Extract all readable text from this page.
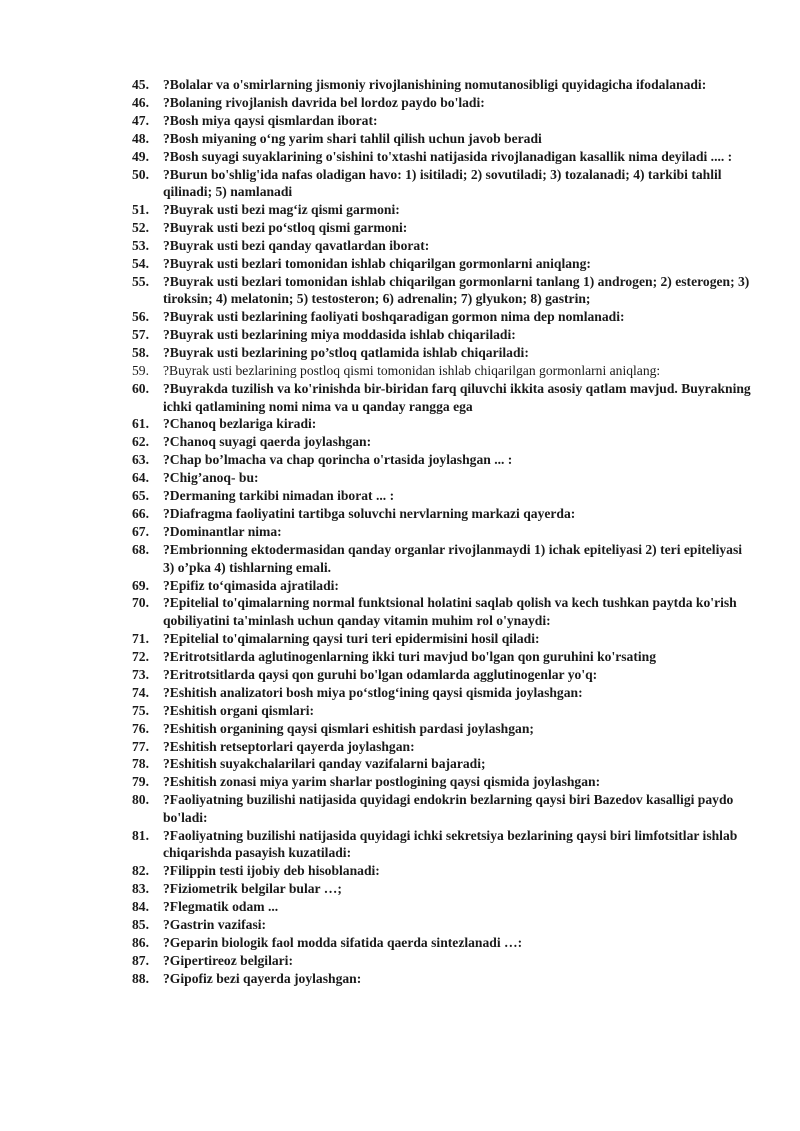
45.	?Bolalar va o'smirlarning jismoniy rivojlanishining nomutanosibligi quyidagicha ifodalanadi:
46.	?Bolaning rivojlanish davrida bel lordoz paydo bo'ladi:
47.	?Bosh miya qaysi qismlardan iborat:
48.	?Bosh miyaning o‘ng yarim shari tahlil qilish uchun javob beradi
49.	?Bosh suyagi suyaklarining o'sishini to'xtashi natijasida rivojlanadigan kasallik nima deyiladi .... :
50.	?Burun bo'shlig'ida nafas oladigan havo: 1) isitiladi; 2) sovutiladi; 3) tozalanadi; 4) tarkibi tahlil qilinadi; 5) namlanadi
51.	?Buyrak usti bezi mag‘iz qismi garmoni:
52.	?Buyrak usti bezi po‘stloq qismi garmoni:
53.	?Buyrak usti bezi qanday qavatlardan iborat:
54.	?Buyrak usti bezlari tomonidan ishlab chiqarilgan gormonlarni aniqlang:
55.	?Buyrak usti bezlari tomonidan ishlab chiqarilgan gormonlarni tanlang 1) androgen; 2) esterogen; 3) tiroksin; 4) melatonin; 5) testosteron; 6) adrenalin; 7) glyukon; 8) gastrin;
56.	?Buyrak usti bezlarining faoliyati boshqaradigan gormon nima dep nomlanadi:
57.	?Buyrak usti bezlarining miya moddasida ishlab chiqariladi:
58.	?Buyrak usti bezlarining po’stloq qatlamida ishlab chiqariladi:
59.	?Buyrak usti bezlarining postloq qismi tomonidan ishlab chiqarilgan gormonlarni aniqlang:
60.	?Buyrakda tuzilish va ko'rinishda bir-biridan farq qiluvchi ikkita asosiy qatlam mavjud. Buyrakning ichki qatlamining nomi nima va u qanday rangga ega
61.	?Chanoq bezlariga kiradi:
62.	?Chanoq suyagi qaerda joylashgan:
63.	?Chap bo’lmacha va chap qorincha o'rtasida joylashgan ... :
64.	?Chig’anoq- bu:
65.	?Dermaning tarkibi nimadan iborat ... :
66.	?Diafragma faoliyatini tartibga soluvchi nervlarning markazi qayerda:
67.	?Dominantlar nima:
68.	?Embrionning ektodermasidan qanday organlar rivojlanmaydi 1) ichak epiteliyasi 2) teri epiteliyasi 3) o’pka 4) tishlarning emali.
69.	?Epifiz to‘qimasida ajratiladi:
70.	?Epitelial to'qimalarning normal funktsional holatini saqlab qolish va kech tushkan paytda ko'rish qobiliyatini ta'minlash uchun qanday vitamin muhim rol o'ynaydi:
71.	?Epitelial to'qimalarning qaysi turi teri epidermisini hosil qiladi:
72.	?Eritrotsitlarda aglutinogenlarning ikki turi mavjud bo'lgan qon guruhini ko'rsating
73.	?Eritrotsitlarda qaysi qon guruhi bo'lgan odamlarda agglutinogenlar yo'q:
74.	?Eshitish analizatori bosh miya po‘stlog‘ining qaysi qismida joylashgan:
75.	?Eshitish organi qismlari:
76.	?Eshitish organining qaysi qismlari eshitish pardasi joylashgan;
77.	?Eshitish retseptorlari qayerda joylashgan:
78.	?Eshitish suyakchalarilari qanday vazifalarni bajaradi;
79.	?Eshitish zonasi miya yarim sharlar postlogining qaysi qismida joylashgan:
80.	?Faoliyatning buzilishi natijasida quyidagi endokrin bezlarning qaysi biri Bazedov kasalligi paydo bo'ladi:
81.	?Faoliyatning buzilishi natijasida quyidagi ichki sekretsiya bezlarining qaysi biri limfotsitlar ishlab chiqarishda pasayish kuzatiladi:
82.	?Filippin testi ijobiy deb hisoblanadi:
83.	?Fiziometrik belgilar bular …;
84.	?Flegmatik odam ...
85.	?Gastrin vazifasi:
86.	?Geparin biologik faol modda sifatida qaerda sintezlanadi …:
87.	?Gipertireoz belgilari:
88.	?Gipofiz bezi qayerda joylashgan:
